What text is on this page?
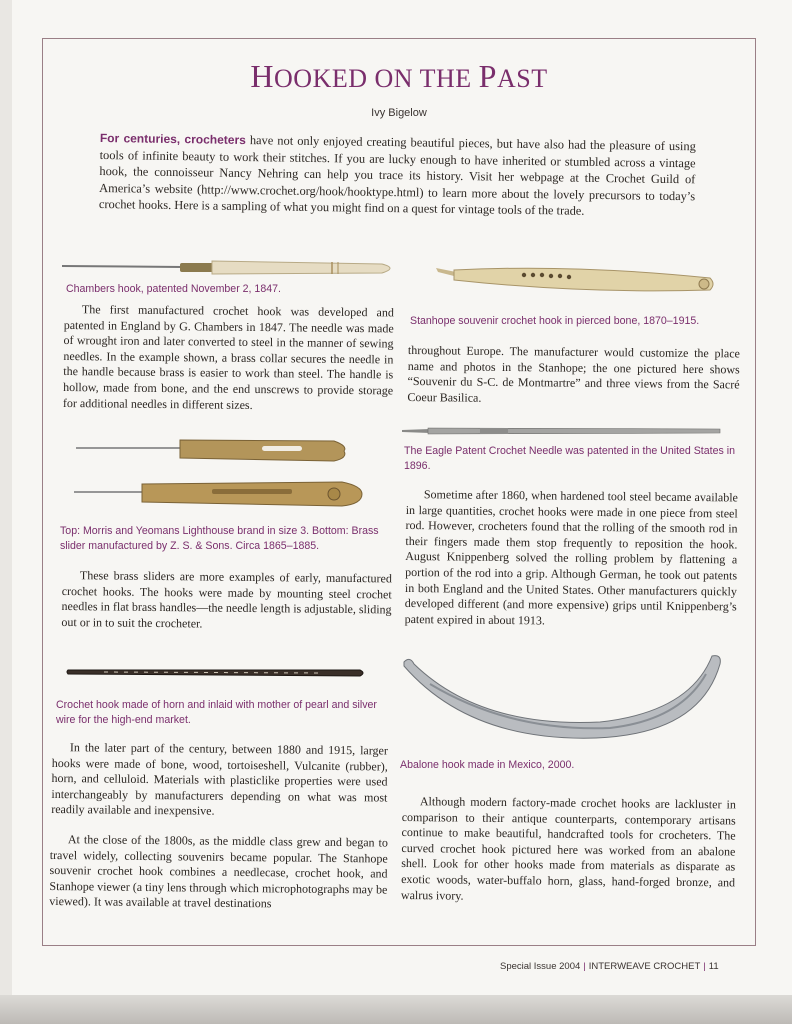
HOOKED ON THE PAST
Ivy Bigelow
For centuries, crocheters have not only enjoyed creating beautiful pieces, but have also had the pleasure of using tools of infinite beauty to work their stitches. If you are lucky enough to have inherited or stumbled across a vintage hook, the connoisseur Nancy Nehring can help you trace its history. Visit her webpage at the Crochet Guild of America’s website (http://www.crochet.org/hook/hooktype.html) to learn more about the lovely precursors to today’s crochet hooks. Here is a sampling of what you might find on a quest for vintage tools of the trade.
Chambers hook, patented November 2, 1847.
Stanhope souvenir crochet hook in pierced bone, 1870–1915.

The first manufactured crochet hook was developed and patented in England by G. Chambers in 1847. The needle was made of wrought iron and later converted to steel in the manner of sewing needles. In the example shown, a brass collar secures the needle in the handle because brass is easier to work than steel. The handle is hollow, made from bone, and the end unscrews to provide storage for additional needles in different sizes.

throughout Europe. The manufacturer would customize the place name and photos in the Stanhope; the one pictured here shows “Souvenir du S-C. de Montmartre” and three views from the Sacré Coeur Basilica.

Top: Morris and Yeomans Lighthouse brand in size 3. Bottom: Brass slider manufactured by Z. S. & Sons. Circa 1865–1885.
The Eagle Patent Crochet Needle was patented in the United States in 1896.

These brass sliders are more examples of early, manufactured crochet hooks. The hooks were made by mounting steel crochet needles in flat brass handles—the needle length is adjustable, sliding out or in to suit the crocheter.

Sometime after 1860, when hardened tool steel became available in large quantities, crochet hooks were made in one piece from steel rod. However, crocheters found that the rolling of the smooth rod in their fingers made them stop frequently to reposition the hook. August Knippenberg solved the rolling problem by flattening a portion of the rod into a grip. Although German, he took out patents in both England and the United States. Other manufacturers quickly developed different (and more expensive) grips until Knippenberg’s patent expired in about 1913.

Crochet hook made of horn and inlaid with mother of pearl and silver wire for the high-end market.
Abalone hook made in Mexico, 2000.

In the later part of the century, between 1880 and 1915, larger hooks were made of bone, wood, tortoiseshell, Vulcanite (rubber), horn, and celluloid. Materials with plasticlike properties were used interchangeably by manufacturers depending on what was most readily available and inexpensive.

At the close of the 1800s, as the middle class grew and began to travel widely, collecting souvenirs became popular. The Stanhope souvenir crochet hook combines a needlecase, crochet hook, and Stanhope viewer (a tiny lens through which microphotographs may be viewed). It was available at travel destinations

Although modern factory-made crochet hooks are lackluster in comparison to their antique counterparts, contemporary artisans continue to make beautiful, handcrafted tools for crocheters. The curved crochet hook pictured here was worked from an abalone shell. Look for other hooks made from materials as disparate as exotic woods, water-buffalo horn, glass, hand-forged bronze, and walrus ivory.

Special Issue 2004 | INTERWEAVE CROCHET | 11
